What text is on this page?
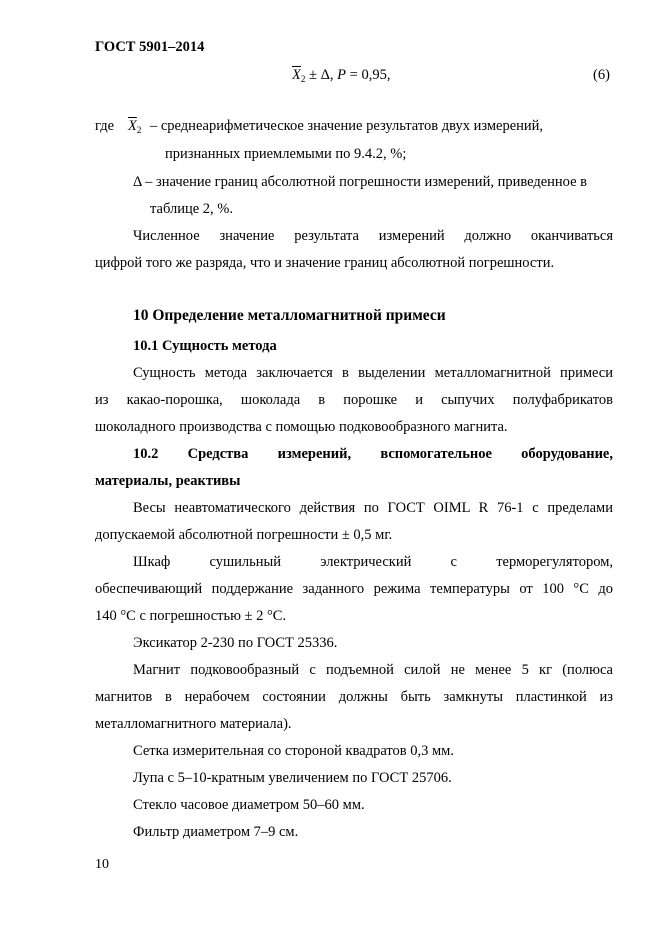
ГОСТ 5901–2014
$\overline{X}_2 \pm \Delta$, P = 0,95,	(6)
где $\overline{X}_2$ – среднеарифметическое значение результатов двух измерений,
признанных приемлемыми по 9.4.2, %;
Δ – значение границ абсолютной погрешности измерений, приведенное в
таблице 2, %.
Численное значение результата измерений должно оканчиваться
цифрой того же разряда, что и значение границ абсолютной погрешности.
10 Определение металломагнитной примеси
10.1 Сущность метода
Сущность метода заключается в выделении металломагнитной примеси
из какао-порошка, шоколада в порошке и сыпучих полуфабрикатов
шоколадного производства с помощью подковообразного магнита.
10.2 Средства измерений, вспомогательное оборудование,
материалы, реактивы
Весы неавтоматического действия по ГОСТ OIML R 76-1 с пределами
допускаемой абсолютной погрешности ± 0,5 мг.
Шкаф сушильный электрический с терморегулятором,
обеспечивающий поддержание заданного режима температуры от 100 °С до
140 °С с погрешностью ± 2 °С.
Эксикатор 2-230 по ГОСТ 25336.
Магнит подковообразный с подъемной силой не менее 5 кг (полюса
магнитов в нерабочем состоянии должны быть замкнуты пластинкой из
металломагнитного материала).
Сетка измерительная со стороной квадратов 0,3 мм.
Лупа с 5–10-кратным увеличением по ГОСТ 25706.
Стекло часовое диаметром 50–60 мм.
Фильтр диаметром 7–9 см.
10
